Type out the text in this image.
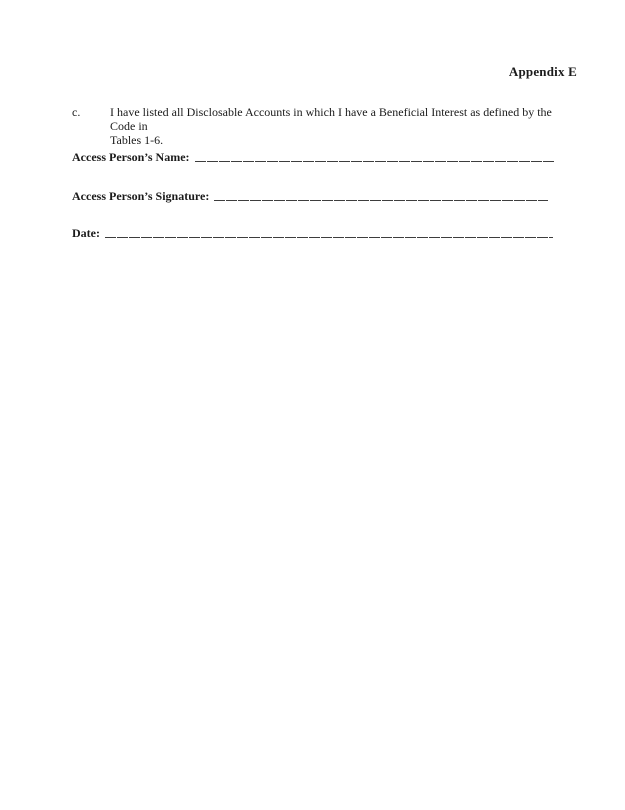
Appendix E
c.	I have listed all Disclosable Accounts in which I have a Beneficial Interest as defined by the Code in
Tables 1-6.
Access Person’s Name:
Access Person’s Signature:
Date:
